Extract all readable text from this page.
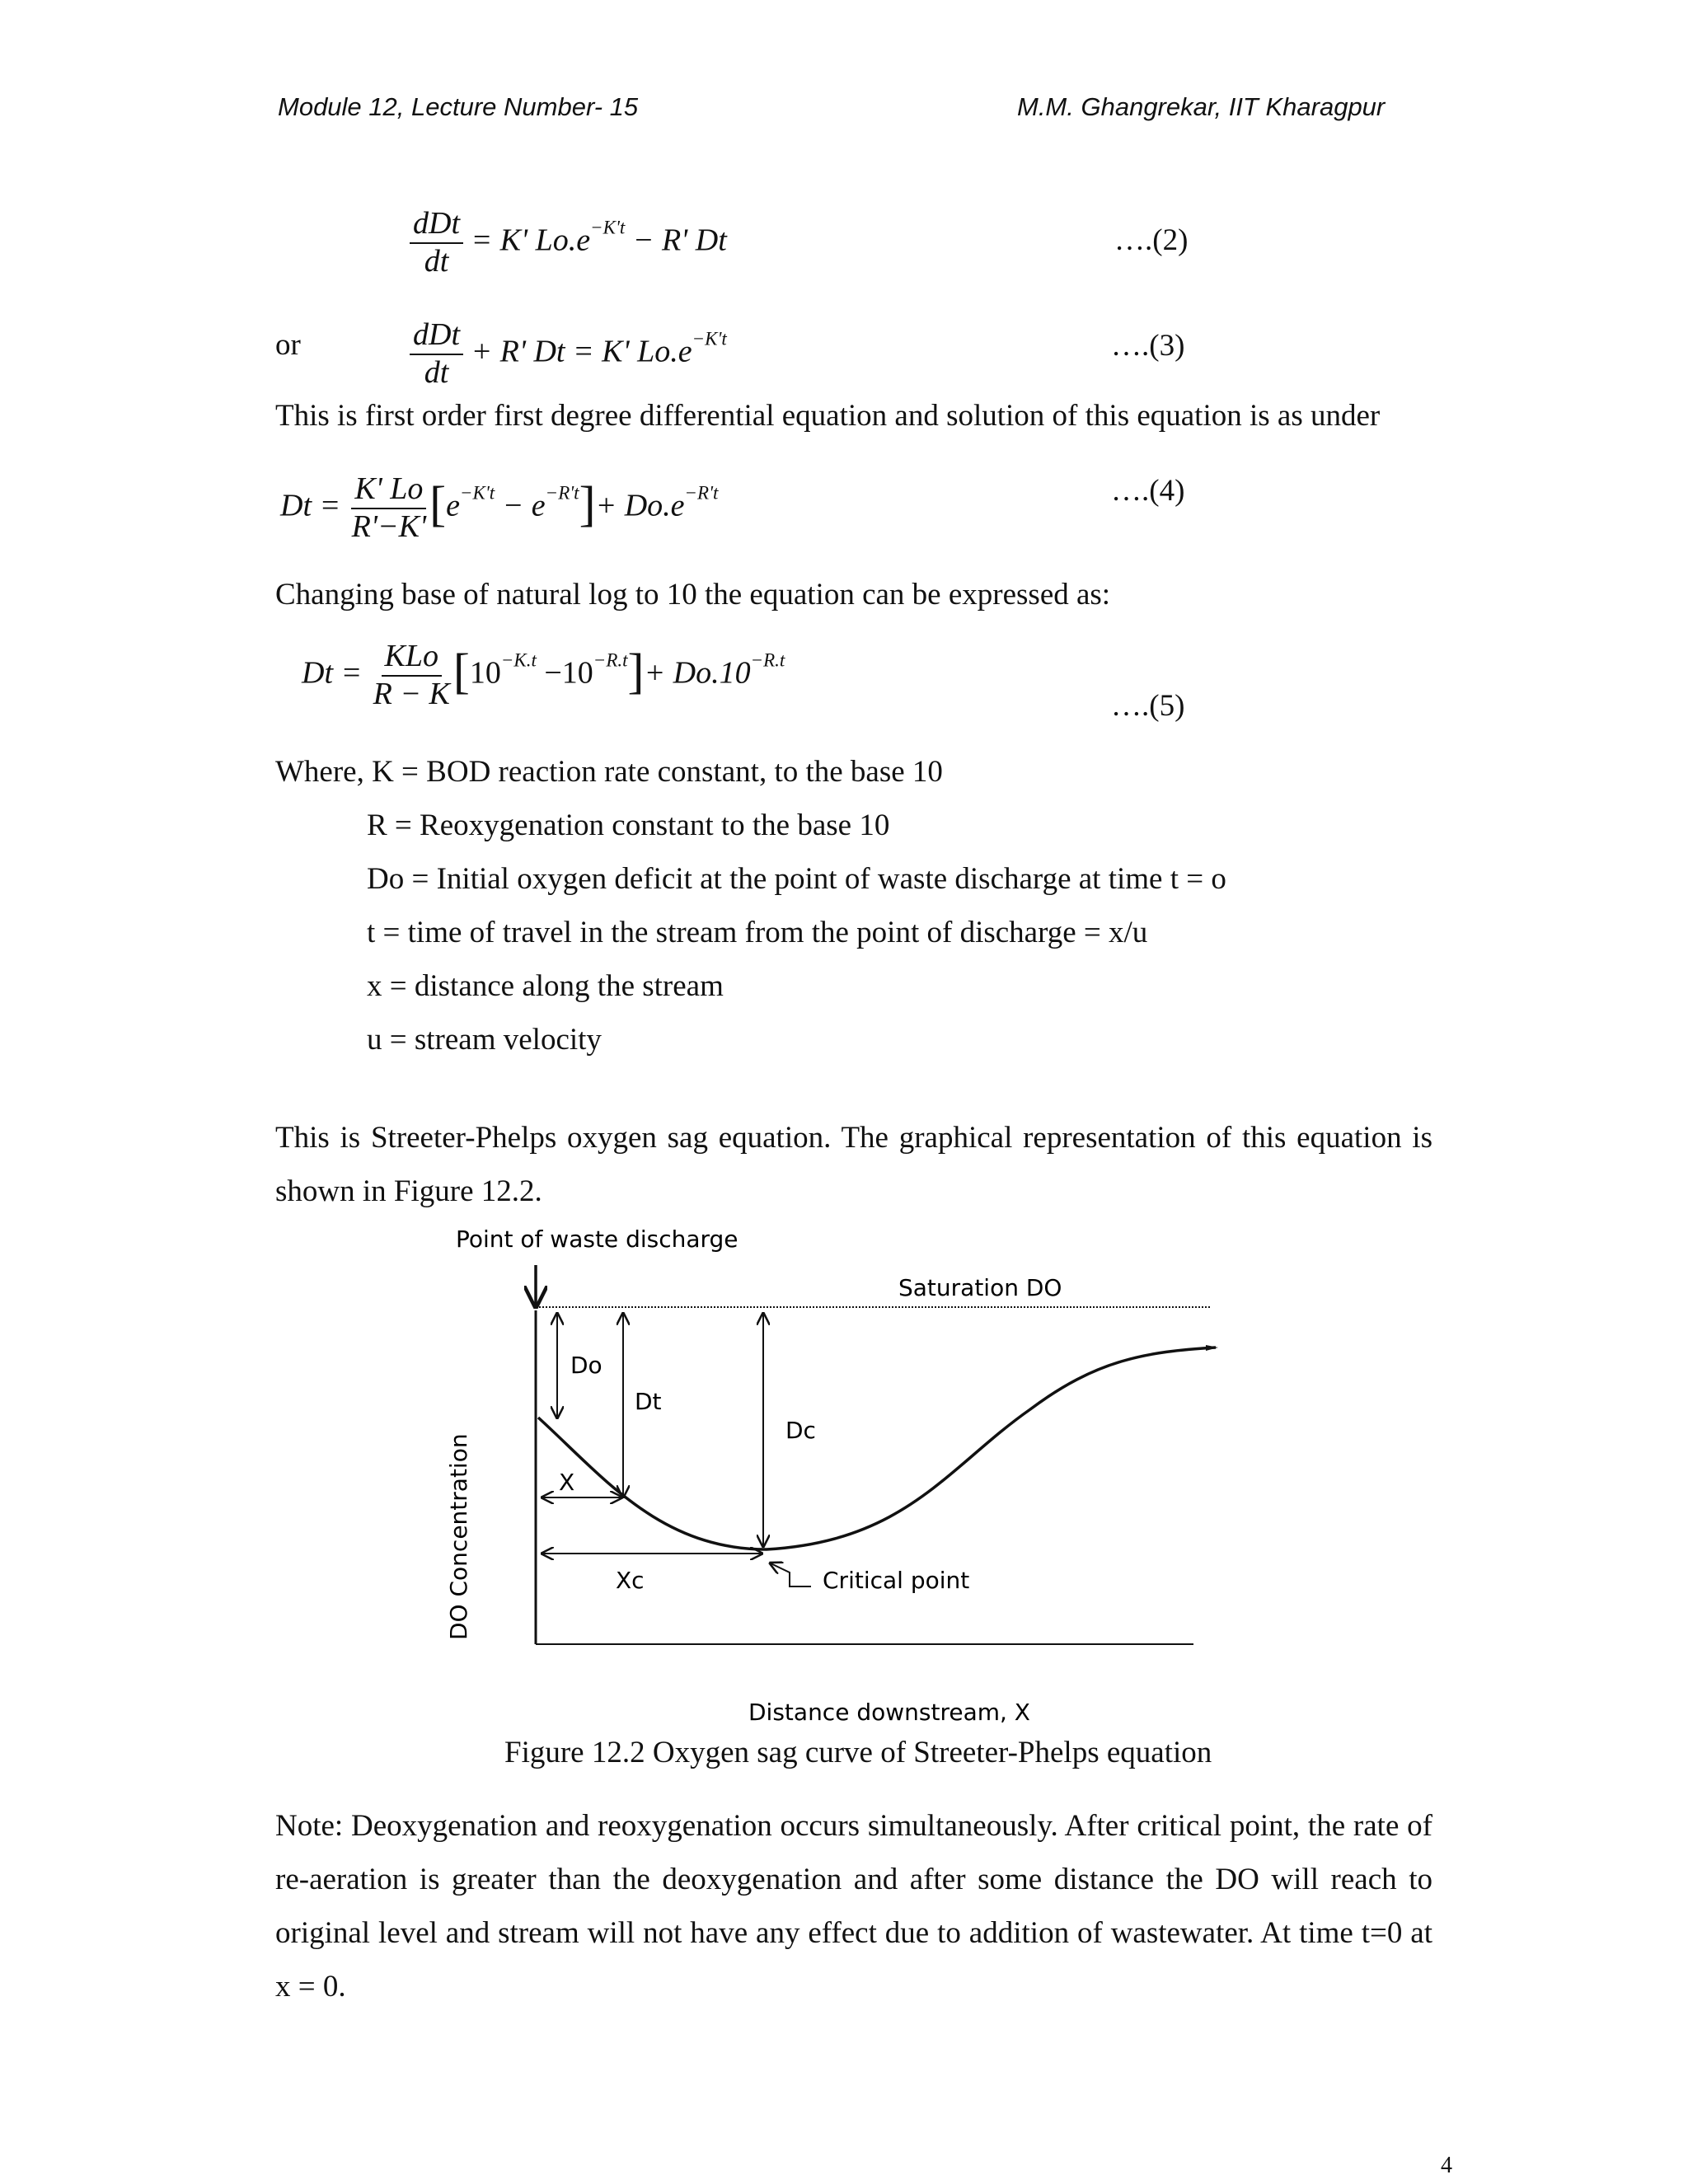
Module 12, Lecture Number- 15	M.M. Ghangrekar, IIT Kharagpur
$\frac{\text{dDt}}{dt} = K'$ $Lo.e^{-K't} - R'$ Dt	….(2)
or	$\frac{\text{dDt}}{dt} + R'$ Dt = K' $Lo.e^{-K't}$	….(3)
This is first order first degree differential equation and solution of this equation is as under
$Dt = \frac{K' Lo}{R'-K'} [e^{-K't} - e^{-R't}]+ Do.e^{-R't}$	….(4)
Changing base of natural log to 10 the equation can be expressed as:
$Dt = \frac{\text{KLo}}{R - K} [10^{-K.t} -10^{-R.t}]+ Do.10^{-R.t}$
….(5)
Where, K = BOD reaction rate constant, to the base 10
R = Reoxygenation constant to the base 10
Do = Initial oxygen deficit at the point of waste discharge at time t = o
t = time of travel in the stream from the point of discharge = x/u
x = distance along the stream
u = stream velocity
This is Streeter-Phelps oxygen sag equation. The graphical representation of this equation is shown in Figure 12.2.
Point of waste discharge
Saturation DO
Do
Dt
Dc
X
Xc	Critical point
DO Concentration
Distance downstream, X
Figure 12.2 Oxygen sag curve of Streeter-Phelps equation
Note: Deoxygenation and reoxygenation occurs simultaneously. After critical point, the rate of re-aeration is greater than the deoxygenation and after some distance the DO will reach to original level and stream will not have any effect due to addition of wastewater. At time t=0 at x = 0.
4
